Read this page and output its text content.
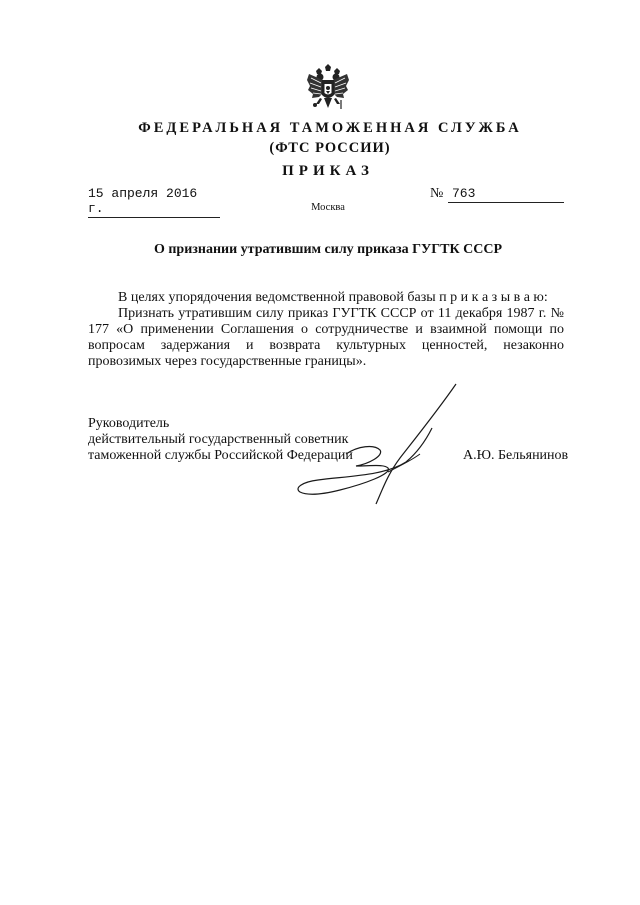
ФЕДЕРАЛЬНАЯ ТАМОЖЕННАЯ СЛУЖБА
(ФТС РОССИИ)
ПРИКАЗ
15 апреля 2016 г.
№ 763
Москва
О признании утратившим силу приказа ГУГТК СССР
В целях упорядочения ведомственной правовой базы п р и к а з ы в а ю:
Признать утратившим силу приказ ГУГТК СССР от 11 декабря 1987 г. № 177 «О применении Соглашения о сотрудничестве и взаимной помощи по вопросам задержания и возврата культурных ценностей, незаконно провозимых через государственные границы».
Руководитель
действительный государственный советник
таможенной службы Российской Федерации	А.Ю. Бельянинов
